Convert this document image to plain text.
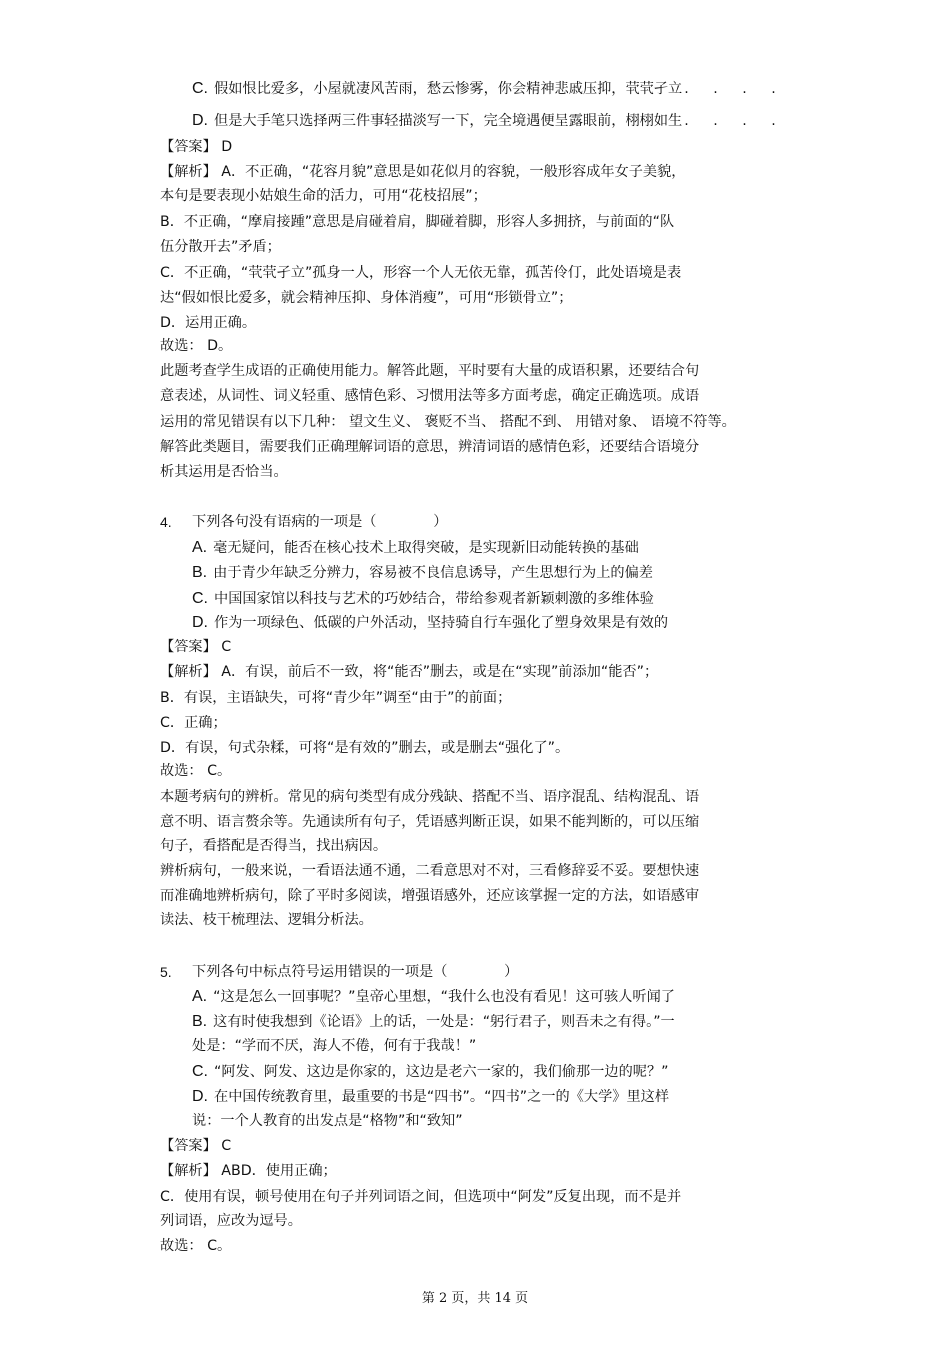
C. 假如恨比爱多，小屋就凄风苦雨，愁云惨雾，你会精神悲戚压抑，茕茕孑立 . . . .
D. 但是大手笔只选择两三件事轻描淡写一下，完全境遇便呈露眼前，栩栩如生 . . . .
【答案】 D
【解析】 A．不正确，“花容月貌”意思是如花似月的容貌，一般形容成年女子美貌，
本句是要表现小姑娘生命的活力，可用“花枝招展”；
B．不正确，“摩肩接踵”意思是肩碰着肩，脚碰着脚，形容人多拥挤，与前面的“队
伍分散开去”矛盾；
C．不正确，“茕茕孑立”孤身一人，形容一个人无依无靠，孤苦伶仃，此处语境是表
达“假如恨比爱多，就会精神压抑、身体消瘦”，可用“形锁骨立”；
D．运用正确。
故选： D。
此题考查学生成语的正确使用能力。解答此题，平时要有大量的成语积累，还要结合句
意表述，从词性、词义轻重、感情色彩、习惯用法等多方面考虑，确定正确选项。成语
运用的常见错误有以下几种： 望文生义、 褒贬不当、 搭配不到、 用错对象、 语境不符等。
解答此类题目，需要我们正确理解词语的意思，辨清词语的感情色彩，还要结合语境分
析其运用是否恰当。
4. 下列各句没有语病的一项是（　　　　）
A. 毫无疑问，能否在核心技术上取得突破，是实现新旧动能转换的基础
B. 由于青少年缺乏分辨力，容易被不良信息诱导，产生思想行为上的偏差
C. 中国国家馆以科技与艺术的巧妙结合，带给参观者新颖刺激的多维体验
D. 作为一项绿色、低碳的户外活动，坚持骑自行车强化了塑身效果是有效的
【答案】 C
【解析】 A．有误，前后不一致，将“能否”删去，或是在“实现”前添加“能否”；
B．有误，主语缺失，可将“青少年”调至“由于”的前面；
C．正确；
D．有误，句式杂糅，可将“是有效的”删去，或是删去“强化了”。
故选： C。
本题考病句的辨析。常见的病句类型有成分残缺、搭配不当、语序混乱、结构混乱、语
意不明、语言赘余等。先通读所有句子，凭语感判断正误，如果不能判断的，可以压缩
句子，看搭配是否得当，找出病因。
辨析病句，一般来说，一看语法通不通，二看意思对不对，三看修辞妥不妥。要想快速
而准确地辨析病句，除了平时多阅读，增强语感外，还应该掌握一定的方法，如语感审
读法、枝干梳理法、逻辑分析法。
5. 下列各句中标点符号运用错误的一项是（　　　　）
A. “这是怎么一回事呢？”皇帝心里想，“我什么也没有看见！这可骇人听闻了
B. 这有时使我想到《论语》上的话，一处是：“躬行君子，则吾未之有得。”一
处是：“学而不厌，海人不倦，何有于我哉！”
C. “阿发、阿发、这边是你家的，这边是老六一家的，我们偷那一边的呢？”
D. 在中国传统教育里，最重要的书是“四书”。“四书”之一的《大学》里这样
说：一个人教育的出发点是“格物”和“致知”
【答案】 C
【解析】 ABD．使用正确；
C．使用有误，顿号使用在句子并列词语之间，但选项中“阿发”反复出现，而不是并
列词语，应改为逗号。
故选： C。
第 2 页，共 14 页
